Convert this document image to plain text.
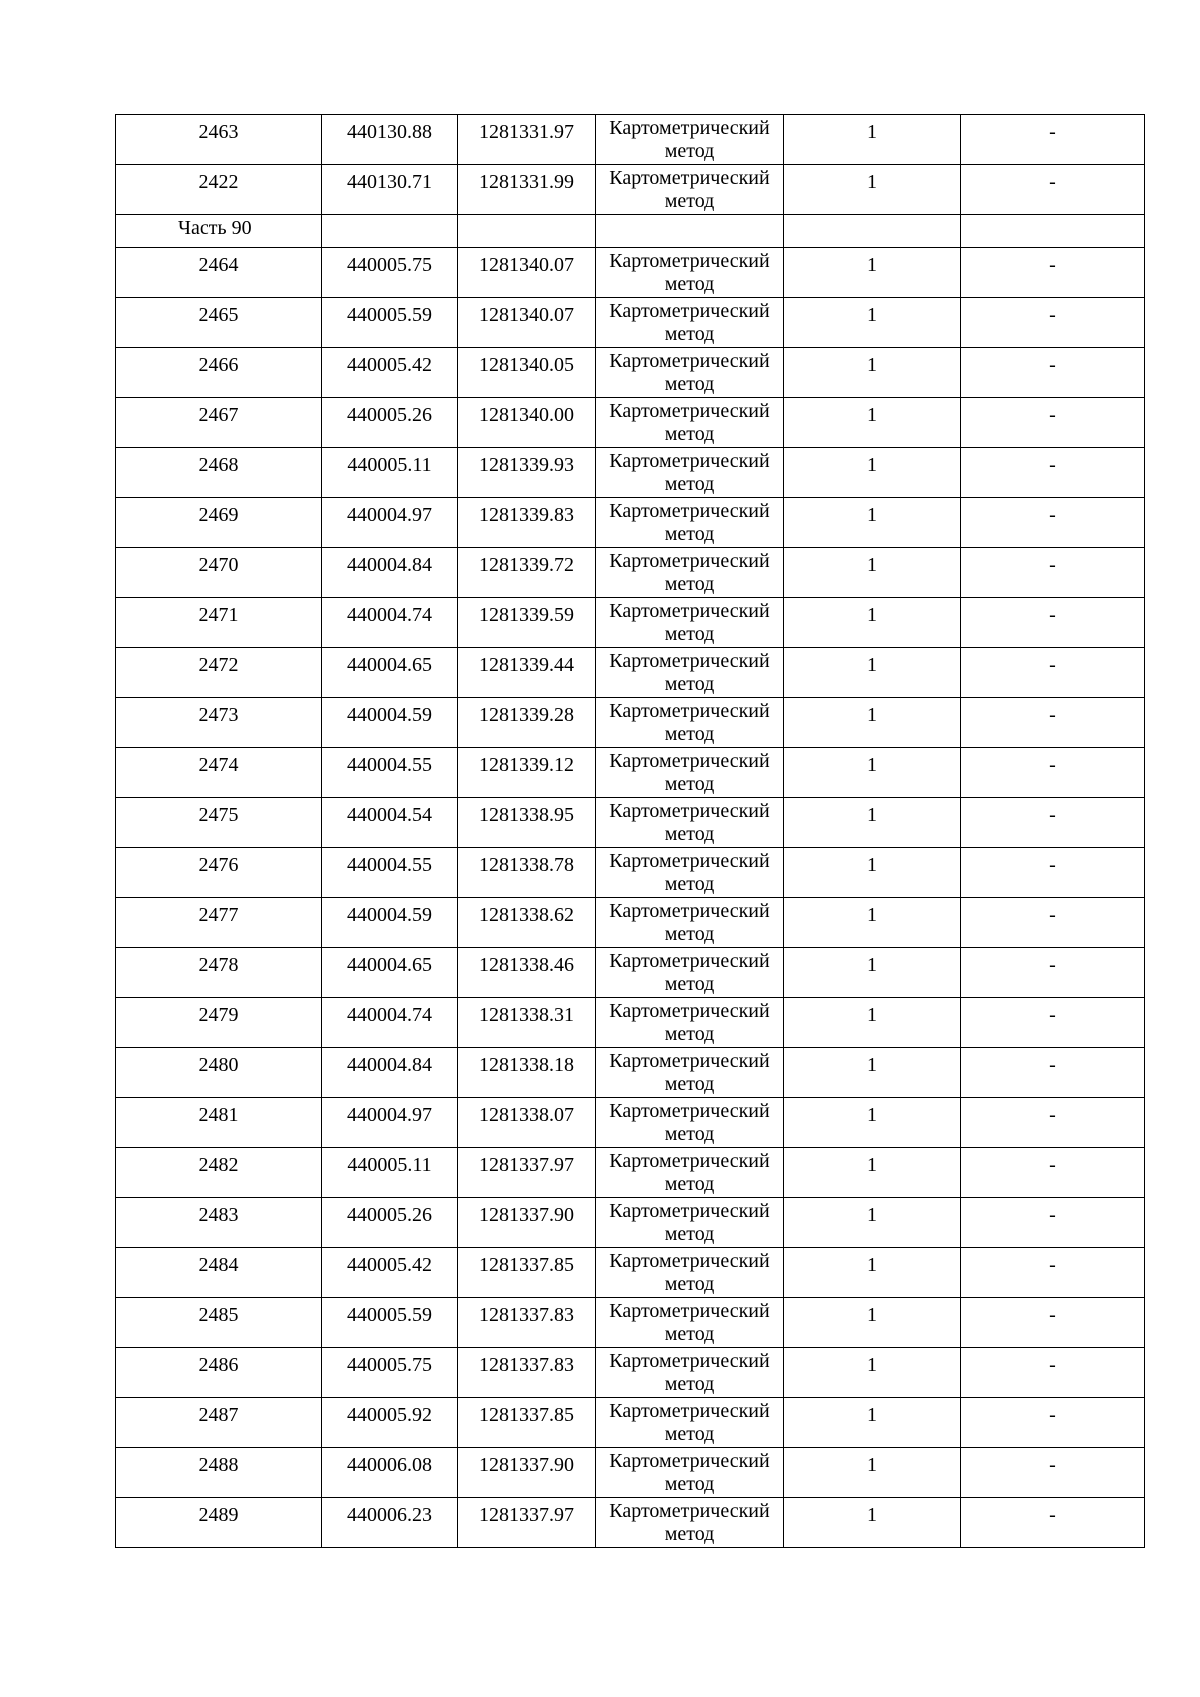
2463	440130.88	1281331.97	Картометрический метод	1	-

2422	440130.71	1281331.99	Картометрический метод	1	-

Часть 90					

2464	440005.75	1281340.07	Картометрический метод	1	-

2465	440005.59	1281340.07	Картометрический метод	1	-

2466	440005.42	1281340.05	Картометрический метод	1	-

2467	440005.26	1281340.00	Картометрический метод	1	-

2468	440005.11	1281339.93	Картометрический метод	1	-

2469	440004.97	1281339.83	Картометрический метод	1	-

2470	440004.84	1281339.72	Картометрический метод	1	-

2471	440004.74	1281339.59	Картометрический метод	1	-

2472	440004.65	1281339.44	Картометрический метод	1	-

2473	440004.59	1281339.28	Картометрический метод	1	-

2474	440004.55	1281339.12	Картометрический метод	1	-

2475	440004.54	1281338.95	Картометрический метод	1	-

2476	440004.55	1281338.78	Картометрический метод	1	-

2477	440004.59	1281338.62	Картометрический метод	1	-

2478	440004.65	1281338.46	Картометрический метод	1	-

2479	440004.74	1281338.31	Картометрический метод	1	-

2480	440004.84	1281338.18	Картометрический метод	1	-

2481	440004.97	1281338.07	Картометрический метод	1	-

2482	440005.11	1281337.97	Картометрический метод	1	-

2483	440005.26	1281337.90	Картометрический метод	1	-

2484	440005.42	1281337.85	Картометрический метод	1	-

2485	440005.59	1281337.83	Картометрический метод	1	-

2486	440005.75	1281337.83	Картометрический метод	1	-

2487	440005.92	1281337.85	Картометрический метод	1	-

2488	440006.08	1281337.90	Картометрический метод	1	-

2489	440006.23	1281337.97	Картометрический метод	1	-
